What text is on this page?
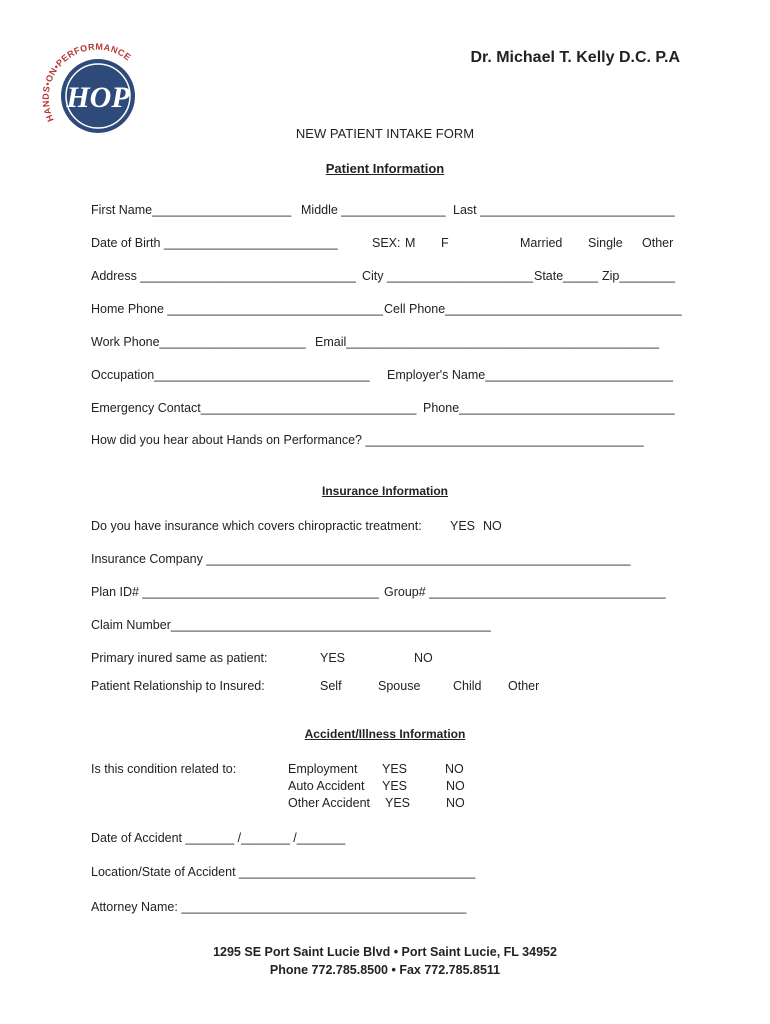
HANDS•ON•PERFORMANCE
HOP
Dr. Michael T. Kelly D.C. P.A
NEW PATIENT INTAKE FORM
Patient Information
First Name____________________ Middle _______________ Last ____________________________
Date of Birth _________________________	SEX: M F	Married Single Other
Address _______________________________ City _____________________ State_____ Zip________
Home Phone _______________________________ Cell Phone__________________________________
Work Phone_____________________ Email_____________________________________________
Occupation_______________________________ Employer's Name___________________________
Emergency Contact_______________________________ Phone_______________________________
How did you hear about Hands on Performance? ________________________________________
Insurance Information
Do you have insurance which covers chiropractic treatment: YES NO
Insurance Company _____________________________________________________________
Plan ID# __________________________________ Group# __________________________________
Claim Number______________________________________________
Primary inured same as patient:	YES	NO
Patient Relationship to Insured:	Self	Spouse	Child Other
Accident/Illness Information
Is this condition related to:	Employment YES	NO
Auto Accident YES	NO
Other Accident YES	NO
Date of Accident _______ /_______ /_______
Location/State of Accident __________________________________
Attorney Name: _________________________________________
1295 SE Port Saint Lucie Blvd • Port Saint Lucie, FL 34952
Phone 772.785.8500 • Fax 772.785.8511
